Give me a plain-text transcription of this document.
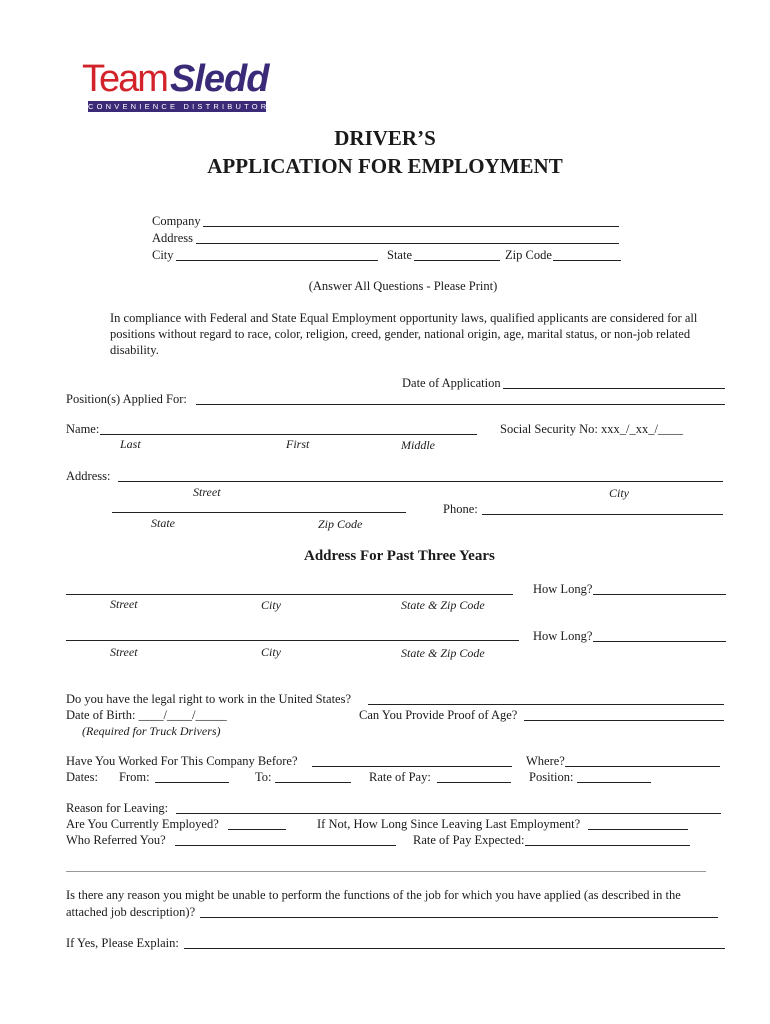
Team Sledd
CONVENIENCE DISTRIBUTOR
DRIVER’S
APPLICATION FOR EMPLOYMENT
Company
Address
City	State	Zip Code
(Answer All Questions - Please Print)
In compliance with Federal and State Equal Employment opportunity laws, qualified applicants are considered for all
positions without regard to race, color, religion, creed, gender, national origin, age, marital status, or non-job related
disability.
Date of Application
Position(s) Applied For:
Name:	Social Security No: xxx_/_xx_/____
Last	First	Middle
Address:
Street	City
Phone:
State	Zip Code
Address For Past Three Years
How Long?
Street	City	State & Zip Code
How Long?
Street	City	State & Zip Code
Do you have the legal right to work in the United States?
Date of Birth: ____/____/_____	Can You Provide Proof of Age?
(Required for Truck Drivers)
Have You Worked For This Company Before?	Where?
Dates: From:	To:	Rate of Pay:	Position:
Reason for Leaving:
Are You Currently Employed?	If Not, How Long Since Leaving Last Employment?
Who Referred You?	Rate of Pay Expected:
Is there any reason you might be unable to perform the functions of the job for which you have applied (as described in the
attached job description)?
If Yes, Please Explain:
